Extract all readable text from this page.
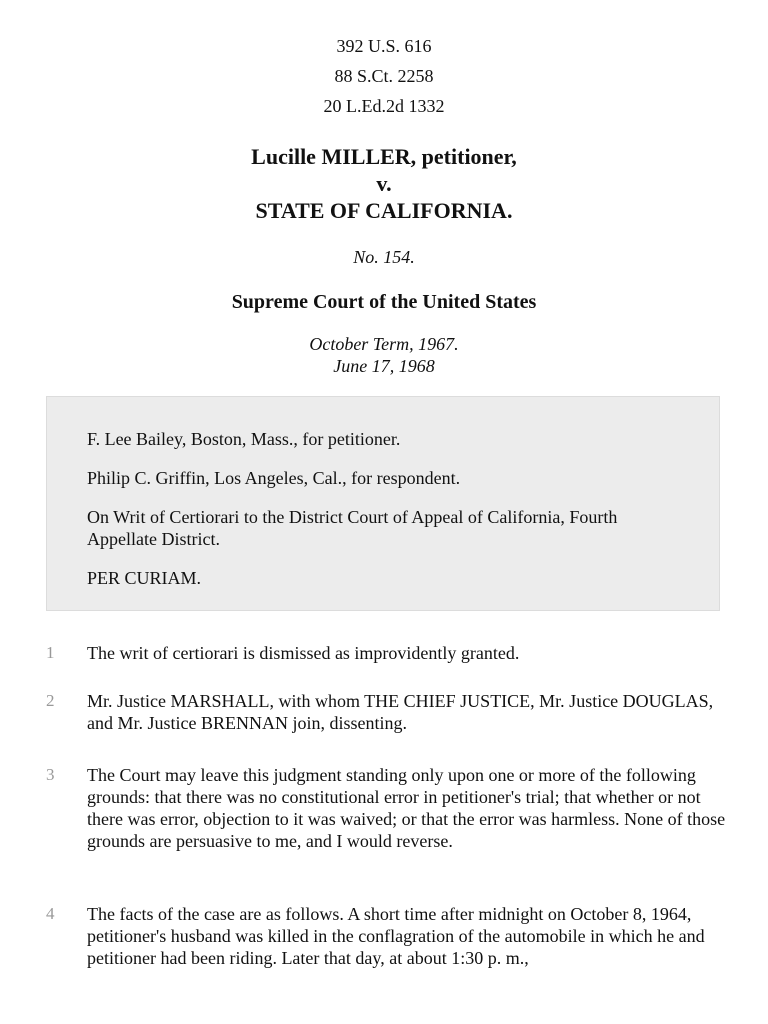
392 U.S. 616
88 S.Ct. 2258
20 L.Ed.2d 1332
Lucille MILLER, petitioner,
v.
STATE OF CALIFORNIA.
No. 154.
Supreme Court of the United States
October Term, 1967.
June 17, 1968

F. Lee Bailey, Boston, Mass., for petitioner.

Philip C. Griffin, Los Angeles, Cal., for respondent.

On Writ of Certiorari to the District Court of Appeal of California, Fourth Appellate District.

PER CURIAM.

1 The writ of certiorari is dismissed as improvidently granted.
2 Mr. Justice MARSHALL, with whom THE CHIEF JUSTICE, Mr. Justice DOUGLAS, and Mr. Justice BRENNAN join, dissenting.
3 The Court may leave this judgment standing only upon one or more of the following grounds: that there was no constitutional error in petitioner's trial; that whether or not there was error, objection to it was waived; or that the error was harmless. None of those grounds are persuasive to me, and I would reverse.
4 The facts of the case are as follows. A short time after midnight on October 8, 1964, petitioner's husband was killed in the conflagration of the automobile in which he and petitioner had been riding. Later that day, at about 1:30 p. m.,
